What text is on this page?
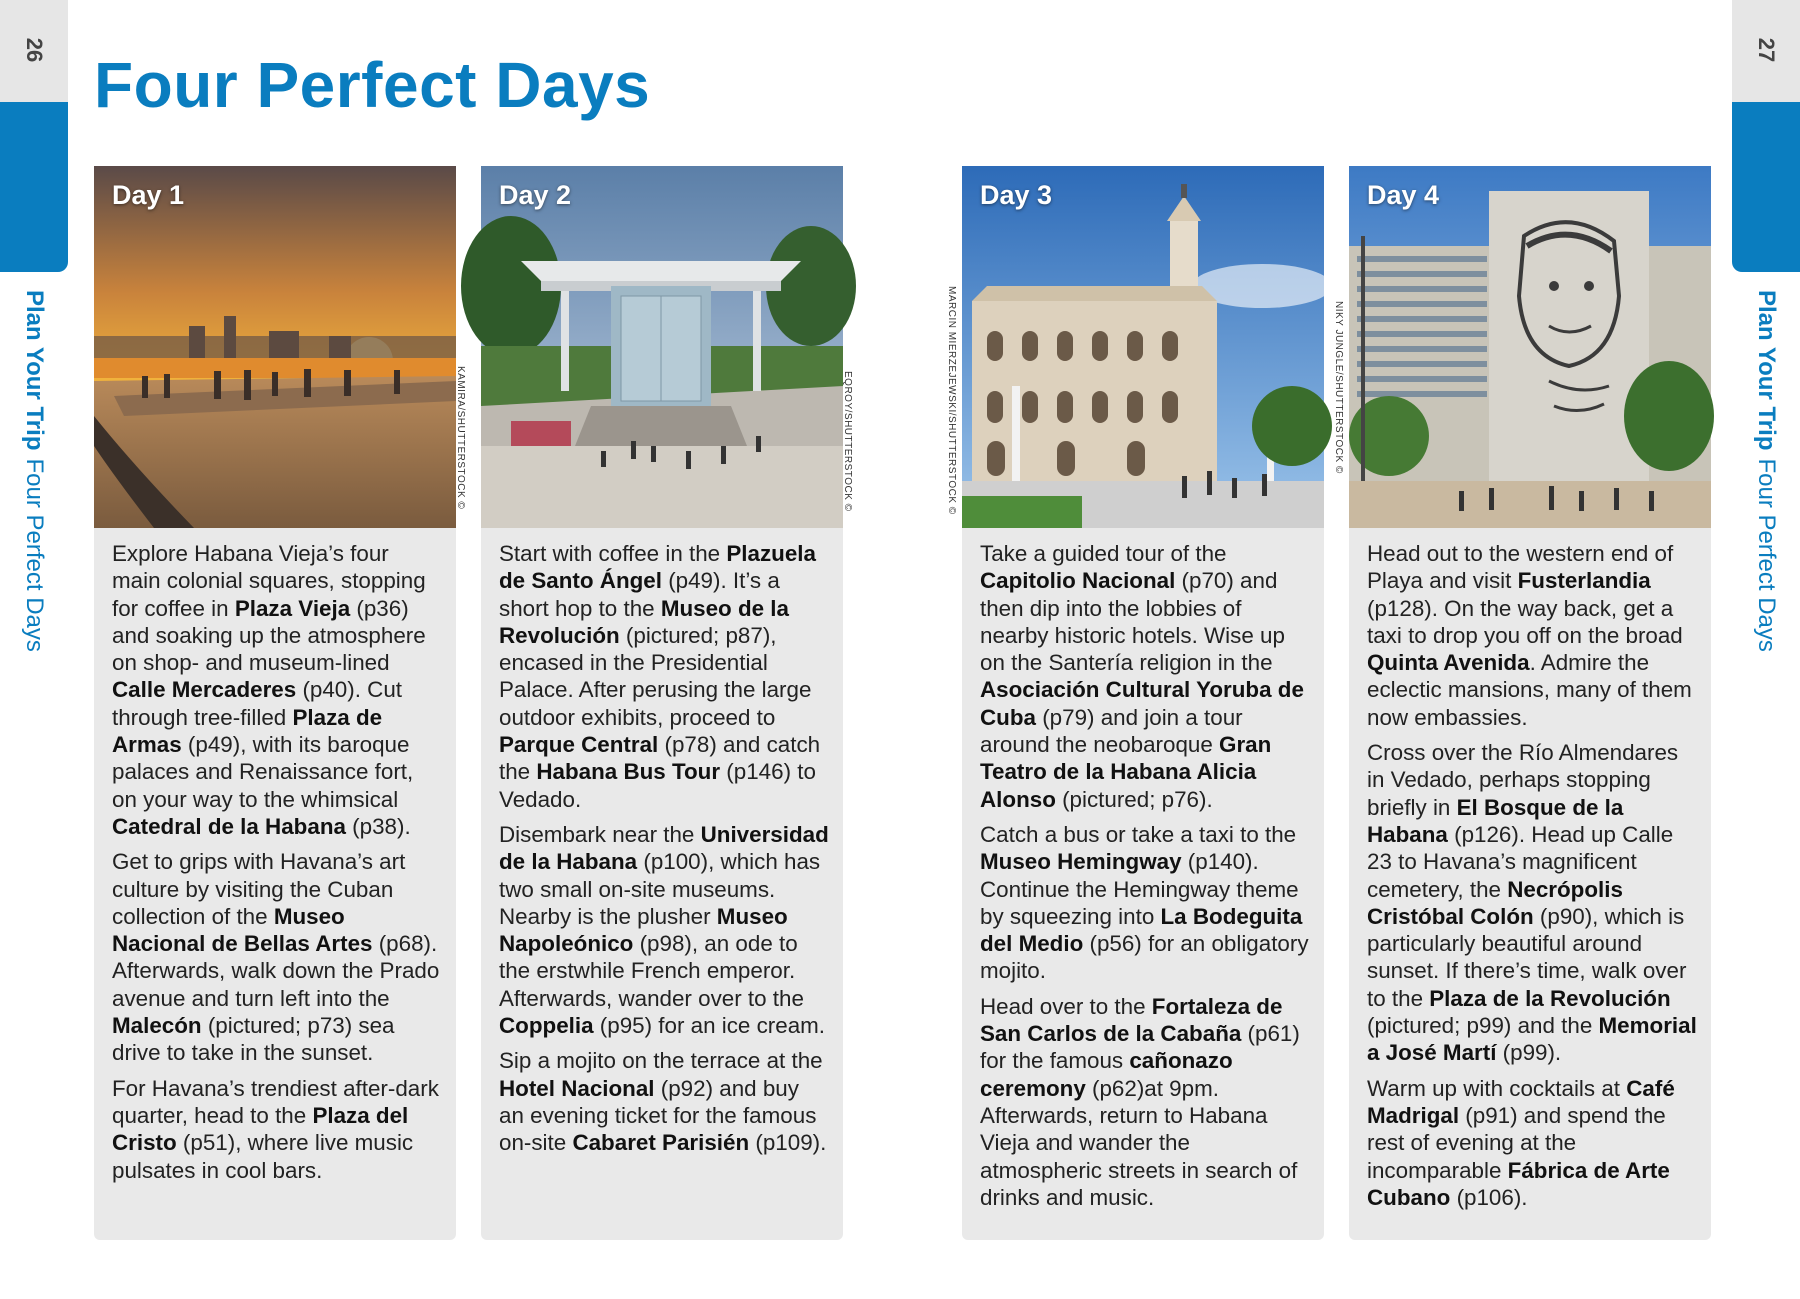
26
Plan Your TripFour Perfect Days
27
Plan Your TripFour Perfect Days
Four Perfect Days
Day 1
KAMIRA/SHUTTERSTOCK ©

Explore Habana Vieja’s four main colonial squares, stopping for coffee in Plaza Vieja (p36) and soaking up the atmosphere on shop- and museum-lined Calle Mercaderes (p40). Cut through tree-filled Plaza de Armas (p49), with its baroque palaces and Renaissance fort, on your way to the whimsical Catedral de la Habana (p38).

Get to grips with Havana’s art culture by visiting the Cuban collection of the Museo Nacional de Bellas Artes (p68). Afterwards, walk down the Prado avenue and turn left into the Malecón (pictured; p73) sea drive to take in the sunset.

For Havana’s trendiest after-dark quarter, head to the Plaza del Cristo (p51), where live music pulsates in cool bars.

Day 2
EQROY/SHUTTERSTOCK ©

Start with coffee in the Plazuela de Santo Ángel (p49). It’s a short hop to the Museo de la Revolución (pictured; p87), encased in the Presidential Palace. After perusing the large outdoor exhibits, proceed to Parque Central (p78) and catch the Habana Bus Tour (p146) to Vedado.

Disembark near the Universidad de la Habana (p100), which has two small on-site museums. Nearby is the plusher Museo Napoleónico (p98), an ode to the erstwhile French emperor. Afterwards, wander over to the Coppelia (p95) for an ice cream.

Sip a mojito on the terrace at the Hotel Nacional (p92) and buy an evening ticket for the famous on-site Cabaret Parisién (p109).

Day 3
MARCIN MIERZEJEWSKI/SHUTTERSTOCK ©

Take a guided tour of the Capitolio Nacional (p70) and then dip into the lobbies of nearby historic hotels. Wise up on the Santería religion in the Asociación Cultural Yoruba de Cuba (p79) and join a tour around the neobaroque Gran Teatro de la Habana Alicia Alonso (pictured; p76).

Catch a bus or take a taxi to the Museo Hemingway (p140). Continue the Hemingway theme by squeezing into La Bodeguita del Medio (p56) for an obligatory mojito.

Head over to the Fortaleza de San Carlos de la Cabaña (p61) for the famous cañonazo ceremony (p62)at 9pm. Afterwards, return to Habana Vieja and wander the atmospheric streets in search of drinks and music.

Day 4
NIKY JUNGLE/SHUTTERSTOCK ©

Head out to the western end of Playa and visit Fusterlandia (p128). On the way back, get a taxi to drop you off on the broad Quinta Avenida. Admire the eclectic mansions, many of them now embassies.

Cross over the Río Almendares in Vedado, perhaps stopping briefly in El Bosque de la Habana (p126). Head up Calle 23 to Havana’s magnificent cemetery, the Necrópolis Cristóbal Colón (p90), which is particularly beautiful around sunset. If there’s time, walk over to the Plaza de la Revolución (pictured; p99) and the Memorial a José Martí (p99).

Warm up with cocktails at Café Madrigal (p91) and spend the rest of evening at the incomparable Fábrica de Arte Cubano (p106).
